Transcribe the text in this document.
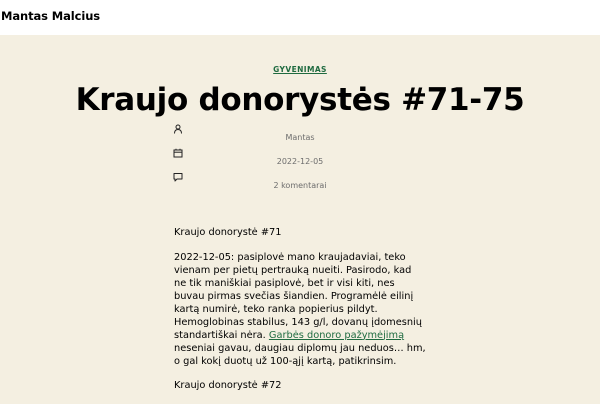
Mantas Malcius
GYVENIMAS
Kraujo donorystės #71-75
Mantas
2022-12-05
2 komentarai

Kraujo donorystė #71

2022-12-05: pasiplovė mano kraujadaviai, teko vienam per pietų pertrauką nueiti. Pasirodo, kad ne tik maniškiai pasiplovė, bet ir visi kiti, nes buvau pirmas svečias šiandien. Programėlė eilinį kartą numirė, teko ranka popierius pildyt. Hemoglobinas stabilus, 143 g/l, dovanų įdomesnių standartiškai nėra. Garbės donoro pažymėjimą neseniai gavau, daugiau diplomų jau neduos… hm, o gal kokį duotų už 100-ąjį kartą, patikrinsim.

Kraujo donorystė #72
